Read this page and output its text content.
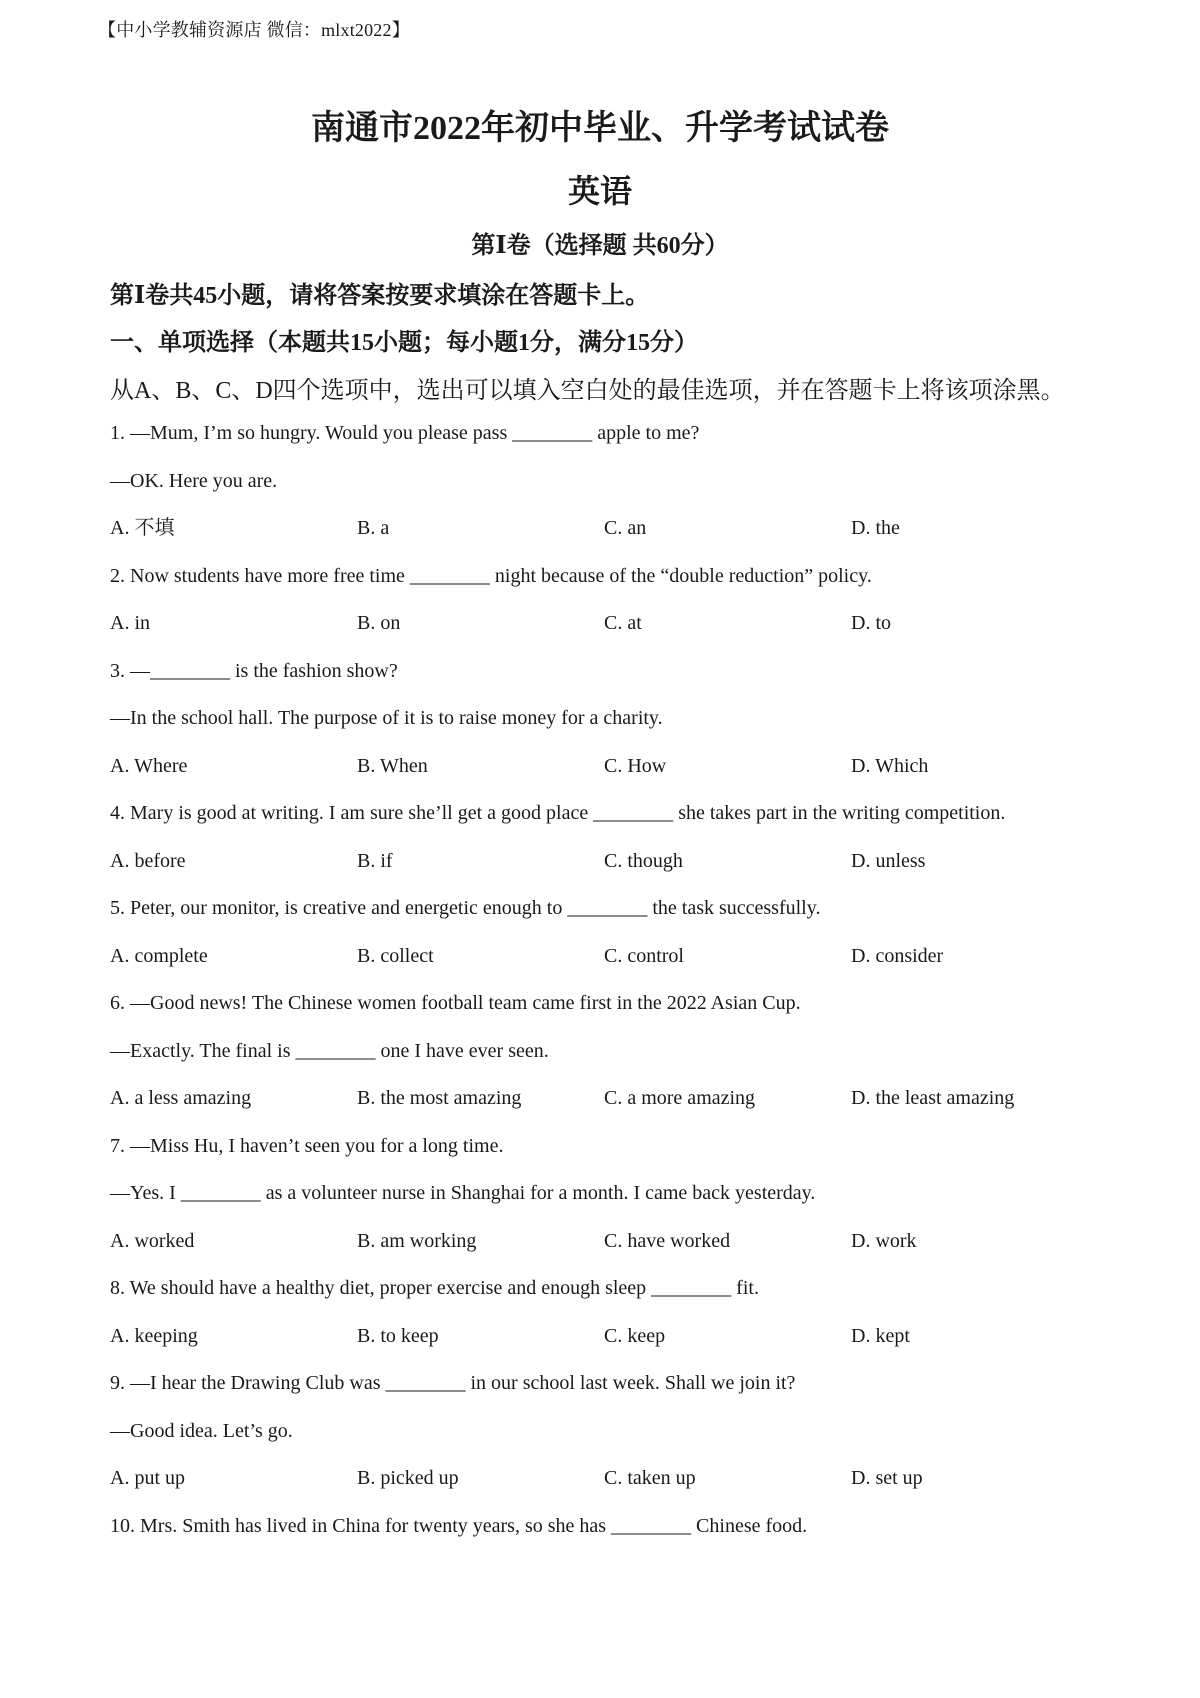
【中小学教辅资源店 微信：mlxt2022】
南通市2022年初中毕业、升学考试试卷
英语
第Ⅰ卷（选择题 共60分）
第Ⅰ卷共45小题，请将答案按要求填涂在答题卡上。
一、单项选择（本题共15小题；每小题1分，满分15分）
从A、B、C、D四个选项中，选出可以填入空白处的最佳选项，并在答题卡上将该项涂黑。
1. —Mum, I’m so hungry. Would you please pass ________ apple to me?
—OK. Here you are.
A. 不填	B. a	C. an	D. the
2. Now students have more free time ________ night because of the “double reduction” policy.
A. in	B. on	C. at	D. to
3. —________ is the fashion show?
—In the school hall. The purpose of it is to raise money for a charity.
A. Where	B. When	C. How	D. Which
4. Mary is good at writing. I am sure she’ll get a good place ________ she takes part in the writing competition.
A. before	B. if	C. though	D. unless
5. Peter, our monitor, is creative and energetic enough to ________ the task successfully.
A. complete	B. collect	C. control	D. consider
6. —Good news! The Chinese women football team came first in the 2022 Asian Cup.
—Exactly. The final is ________ one I have ever seen.
A. a less amazing	B. the most amazing	C. a more amazing	D. the least amazing
7. —Miss Hu, I haven’t seen you for a long time.
—Yes. I ________ as a volunteer nurse in Shanghai for a month. I came back yesterday.
A. worked	B. am working	C. have worked	D. work
8. We should have a healthy diet, proper exercise and enough sleep ________ fit.
A. keeping	B. to keep	C. keep	D. kept
9. —I hear the Drawing Club was ________ in our school last week. Shall we join it?
—Good idea. Let’s go.
A. put up	B. picked up	C. taken up	D. set up
10. Mrs. Smith has lived in China for twenty years, so she has ________ Chinese food.
